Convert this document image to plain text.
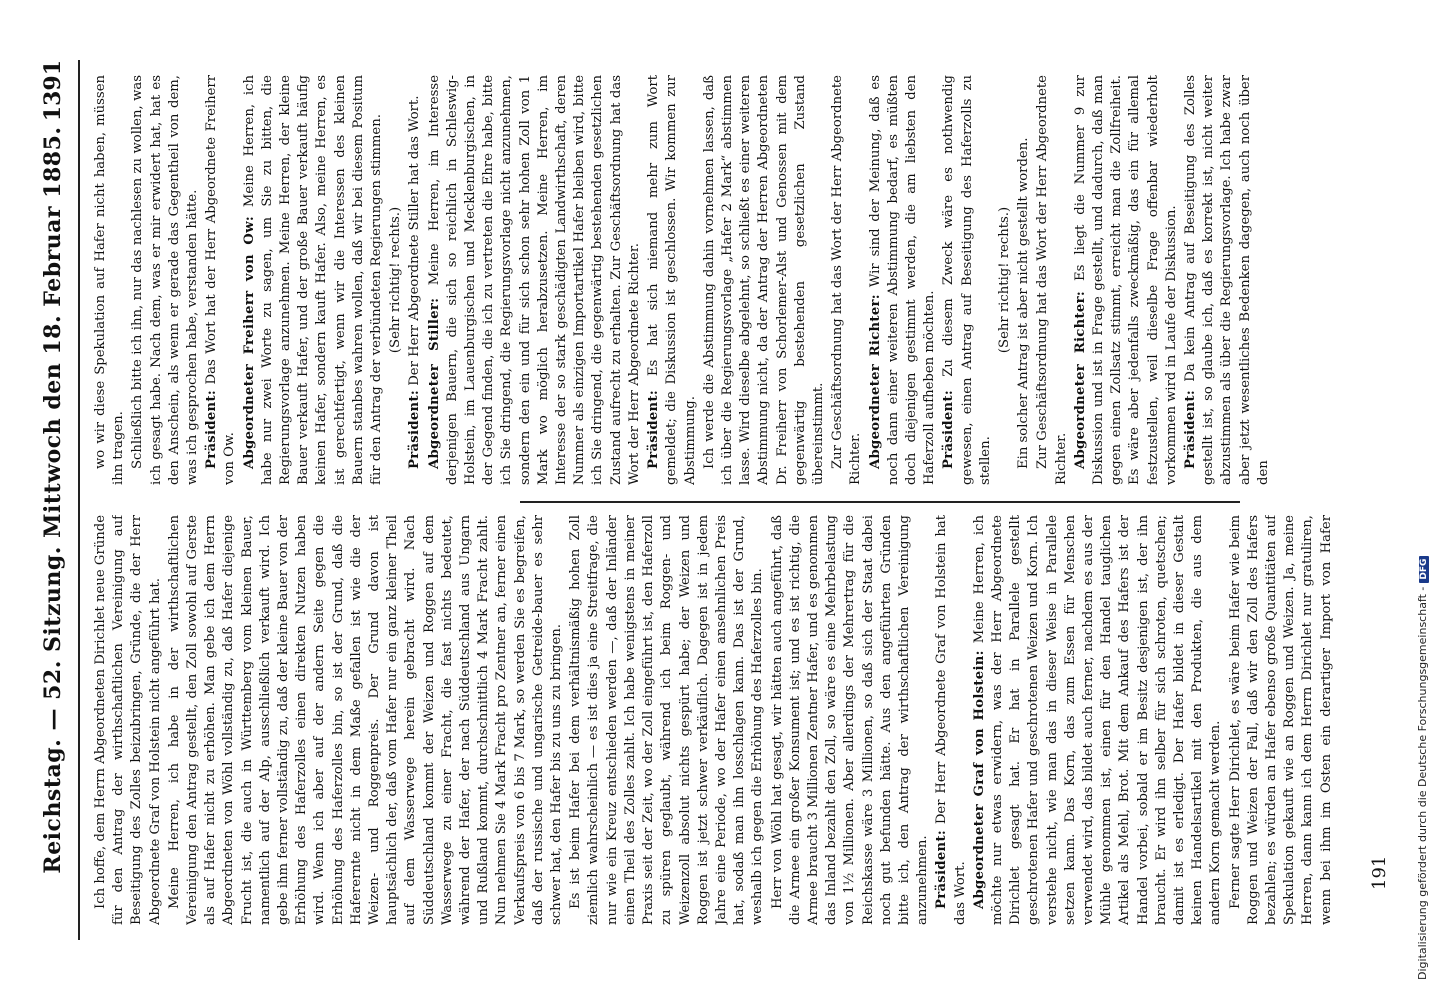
Reichstag. — 52. Sitzung. Mittwoch den 18. Februar 1885.
1391

Ich hoffe, dem Herrn Abgeordneten Dirichlet neue Gründe für den Antrag der wirthschaftlichen Vereinigung auf Beseitigung des Zolles beizubringen, Gründe, die der Herr Abgeordnete Graf von Holstein nicht angeführt hat. Meine Herren, ich habe in der wirthschaftlichen Vereinigung den Antrag gestellt, den Zoll sowohl auf Gerste als auf Hafer nicht zu erhöhen. Man gebe ich dem Herrn Abgeordneten von Wöhl vollständig zu, daß Hafer diejenige Frucht ist, die auch in Württemberg vom kleinen Bauer, namentlich auf der Alp, ausschließlich verkauft wird. Ich gebe ihm ferner vollständig zu, daß der kleine Bauer von der Erhöhung des Haferzolles einen direkten Nutzen haben wird. Wenn ich aber auf der andern Seite gegen die Erhöhung des Haferzolles bin, so ist der Grund, daß die Haferernte nicht in dem Maße gefallen ist wie die der Weizen- und Roggenpreis. Der Grund davon ist hauptsächlich der, daß vom Hafer nur ein ganz kleiner Theil auf dem Wasserwege herein gebracht wird. Nach Süddeutschland kommt der Weizen und Roggen auf dem Wasserwege zu einer Fracht, die fast nichts bedeutet, während der Hafer, der nach Süddeutschland aus Ungarn und Rußland kommt, durchschnittlich 4 Mark Fracht zahlt. Nun nehmen Sie 4 Mark Fracht pro Zentner an, ferner einen Verkaufspreis von 6 bis 7 Mark, so werden Sie es begreifen, daß der russische und ungarische Getreide-bauer es sehr schwer hat, den Hafer bis zu uns zu bringen. Es ist beim Hafer bei dem verhältnismäßig hohen Zoll ziemlich wahrscheinlich — es ist dies ja eine Streitfrage, die nur wie ein Kreuz entschieden werden —, daß der Inländer einen Theil des Zolles zahlt. Ich habe wenigstens in meiner Praxis seit der Zeit, wo der Zoll eingeführt ist, den Haferzoll zu spüren geglaubt, während ich beim Roggen- und Weizenzoll absolut nichts gespürt habe; der Weizen und Roggen ist jetzt schwer verkäuflich. Dagegen ist in jedem Jahre eine Periode, wo der Hafer einen ansehnlichen Preis hat, sodaß man ihn losschlagen kann. Das ist der Grund, weshalb ich gegen die Erhöhung des Haferzolles bin. Herr von Wöhl hat gesagt, wir hätten auch angeführt, daß die Armee ein großer Konsument ist; und es ist richtig, die Armee braucht 3 Millionen Zentner Hafer, und es genommen das Inland bezahlt den Zoll, so wäre es eine Mehrbelastung von 1½ Millionen. Aber allerdings der Mehrertrag für die Reichskasse wäre 3 Millionen, so daß sich der Staat dabei noch gut befunden hätte. Aus den angeführten Gründen bitte ich, den Antrag der wirthschaftlichen Vereinigung anzunehmen. Präsident: Der Herr Abgeordnete Graf von Holstein hat das Wort. Abgeordneter Graf von Holstein: Meine Herren, ich möchte nur etwas erwidern, was der Herr Abgeordnete Dirichlet gesagt hat. Er hat in Parallele gestellt geschrotenen Hafer und geschrotenen Weizen und Korn. Ich verstehe nicht, wie man das in dieser Weise in Parallele setzen kann. Das Korn, das zum Essen für Menschen verwendet wird, das bildet auch ferner, nachdem es aus der Mühle genommen ist, einen für den Handel tauglichen Artikel als Mehl, Brot. Mit dem Ankauf des Hafers ist der Handel vorbei, sobald er im Besitz desjenigen ist, der ihn braucht. Er wird ihn selber für sich schroten, quetschen; damit ist es erledigt. Der Hafer bildet in dieser Gestalt keinen Handelsartikel mit den Produkten, die aus dem andern Korn gemacht werden. Ferner sagte Herr Dirichlet, es wäre beim Hafer wie beim Roggen und Weizen der Fall, daß wir den Zoll des Hafers bezahlen; es würden an Hafer ebenso große Quantitäten auf Spekulation gekauft wie an Roggen und Weizen. Ja, meine Herren, dann kann ich dem Herrn Dirichlet nur gratuliren, wenn bei ihm im Osten ein derartiger Import von Hafer

wo wir diese Spekulation auf Hafer nicht haben, müssen ihn tragen. Schließlich bitte ich ihn, nur das nachlesen zu wollen, was ich gesagt habe. Nach dem, was er mir erwidert hat, hat es den Anschein, als wenn er gerade das Gegentheil von dem, was ich gesprochen habe, verstanden hätte. Präsident: Das Wort hat der Herr Abgeordnete Freiherr von Ow. Abgeordneter Freiherr von Ow: Meine Herren, ich habe nur zwei Worte zu sagen, um Sie zu bitten, die Regierungsvorlage anzunehmen. Meine Herren, der kleine Bauer verkauft Hafer, und der große Bauer verkauft häufig keinen Hafer, sondern kauft Hafer. Also, meine Herren, es ist gerechtfertigt, wenn wir die Interessen des kleinen Bauern stanbes wahren wollen, daß wir bei diesem Positum für den Antrag der verbündeten Regierungen stimmen. (Sehr richtig! rechts.)

Präsident: Der Herr Abgeordnete Stiller hat das Wort. Abgeordneter Stiller: Meine Herren, im Interesse derjenigen Bauern, die sich so reichlich in Schleswig-Holstein, im Lauenburgischen und Mecklenburgischen, in der Gegend finden, die ich zu vertreten die Ehre habe, bitte ich Sie dringend, die Regierungsvorlage nicht anzunehmen, sondern den ein und für sich schon sehr hohen Zoll von 1 Mark wo möglich herabzusetzen. Meine Herren, im Interesse der so stark geschädigten Landwirthschaft, deren Nummer als einzigen Importartikel Hafer bleiben wird, bitte ich Sie dringend, die gegenwärtig bestehenden gesetzlichen Zustand aufrecht zu erhalten. Zur Geschäftsordnung hat das Wort der Herr Abgeordnete Richter. Präsident: Es hat sich niemand mehr zum Wort gemeldet; die Diskussion ist geschlossen. Wir kommen zur Abstimmung. Ich werde die Abstimmung dahin vornehmen lassen, daß ich über die Regierungsvorlage „Hafer 2 Mark“ abstimmen lasse. Wird dieselbe abgelehnt, so schließt es einer weiteren Abstimmung nicht, da der Antrag der Herren Abgeordneten Dr. Freiherr von Schorlemer-Alst und Genossen mit dem gegenwärtig bestehenden gesetzlichen Zustand übereinstimmt. Zur Geschäftsordnung hat das Wort der Herr Abgeordnete Richter. Abgeordneter Richter: Wir sind der Meinung, daß es noch dann einer weiteren Abstimmung bedarf, es müßten doch diejenigen gestimmt werden, die am liebsten den Haferzoll aufheben möchten. Präsident: Zu diesem Zweck wäre es nothwendig gewesen, einen Antrag auf Beseitigung des Haferzolls zu stellen.

(Sehr richtig! rechts.) Ein solcher Antrag ist aber nicht gestellt worden. Zur Geschäftsordnung hat das Wort der Herr Abgeordnete Richter. Abgeordneter Richter: Es liegt die Nummer 9 zur Diskussion und ist in Frage gestellt, und dadurch, daß man gegen einen Zollsatz stimmt, erreicht man die Zollfreiheit. Es wäre aber jedenfalls zweckmäßig, das ein für allemal festzustellen, weil dieselbe Frage offenbar wiederholt vorkommen wird in Laufe der Diskussion. Präsident: Da kein Antrag auf Beseitigung des Zolles gestellt ist, so glaube ich, daß es korrekt ist, nicht weiter abzustimmen als über die Regierungsvorlage. Ich habe zwar aber jetzt wesentliches Bedenken dagegen, auch noch über den

191 Digitalisierung gefördert durch die Deutsche Forschungsgemeinschaft -DFG
